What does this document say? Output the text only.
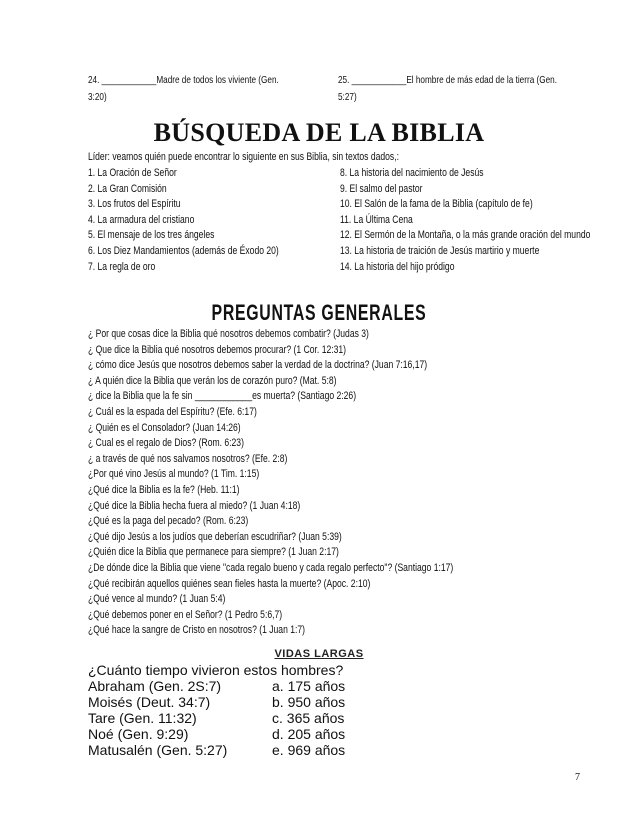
24. ____________Madre de todos los viviente (Gen.
3:20)
25. ____________El hombre de más edad de la tierra (Gen.
5:27)
BÚSQUEDA DE LA BIBLIA
Líder: veamos quién puede encontrar lo siguiente en sus Biblia, sin textos dados,:
1. La Oración de Señor
2. La Gran Comisión
3. Los frutos del Espíritu
4. La armadura del cristiano
5. El mensaje de los tres ángeles
6. Los Diez Mandamientos (además de Éxodo 20)
7. La regla de oro
8. La historia del nacimiento de Jesús
9. El salmo del pastor
10. El Salón de la fama de la Biblia (capítulo de fe)
11. La Última Cena
12. El Sermón de la Montaña, o la más grande oración del mundo
13. La historia de traición de Jesús martirio y muerte
14. La historia del hijo pródigo
PREGUNTAS GENERALES
¿ Por que cosas dice la Biblia qué nosotros debemos combatir? (Judas 3)
¿ Que dice la Biblia qué nosotros debemos procurar? (1 Cor. 12:31)
¿ cómo dice Jesús que nosotros debemos saber la verdad de la doctrina? (Juan 7:16,17)
¿ A quién dice la Biblia que verán los de corazón puro? (Mat. 5:8)
¿ dice la Biblia que la fe sin ____________es muerta? (Santiago 2:26)
¿ Cuál es la espada del Espíritu? (Efe. 6:17)
¿ Quién es el Consolador? (Juan 14:26)
¿ Cual es el regalo de Dios? (Rom. 6:23)
¿ a través de qué nos salvamos nosotros? (Efe. 2:8)
¿Por qué vino Jesús al mundo? (1 Tim. 1:15)
¿Qué dice la Biblia es la fe? (Heb. 11:1)
¿Qué dice la Biblia hecha fuera al miedo? (1 Juan 4:18)
¿Qué es la paga del pecado? (Rom. 6:23)
¿Qué dijo Jesús a los judíos que deberían escudriñar? (Juan 5:39)
¿Quién dice la Biblia que permanece para siempre? (1 Juan 2:17)
¿De dónde dice la Biblia que viene "cada regalo bueno y cada regalo perfecto"? (Santiago 1:17)
¿Qué recibirán aquellos quiénes sean fieles hasta la muerte? (Apoc. 2:10)
¿Qué vence al mundo? (1 Juan 5:4)
¿Qué debemos poner en el Señor? (1 Pedro 5:6,7)
¿Qué hace la sangre de Cristo en nosotros? (1 Juan 1:7)
VIDAS LARGAS
¿Cuánto tiempo vivieron estos hombres?
Abraham (Gen. 2S:7)
Moisés (Deut. 34:7)
Tare (Gen. 11:32)
Noé (Gen. 9:29)
Matusalén (Gen. 5:27)
a. 175 años
b. 950 años
c. 365 años
d. 205 años
e. 969 años
7
